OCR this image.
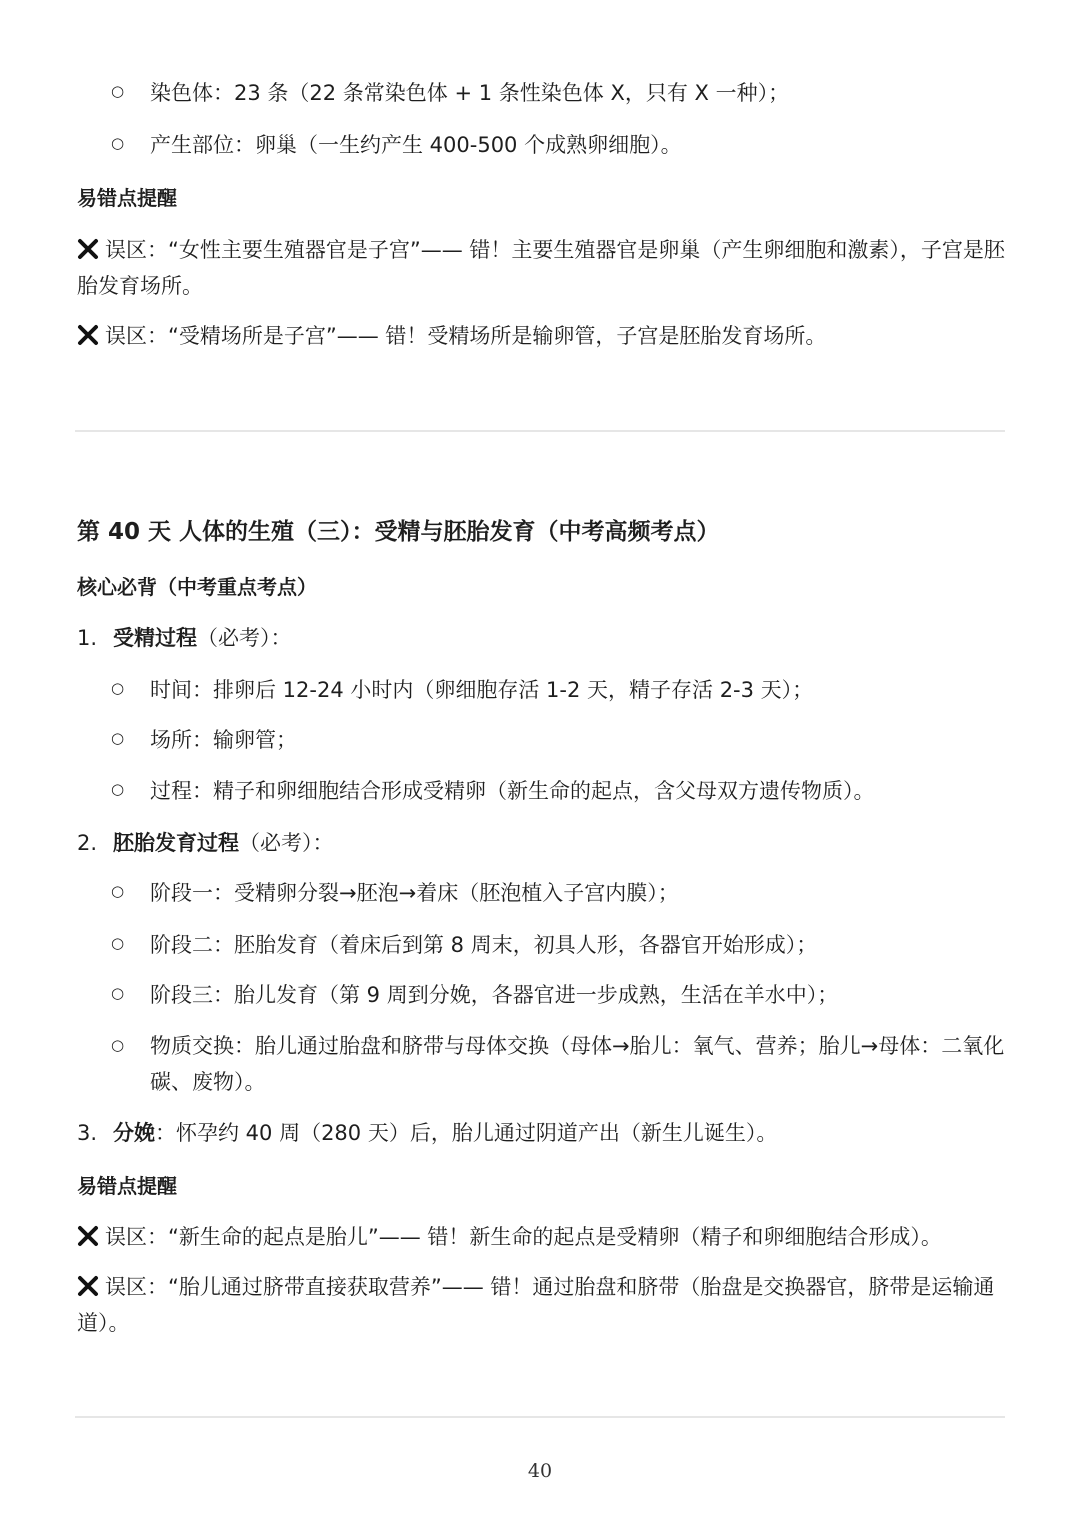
○ 染色体：23 条（22 条常染色体 + 1 条性染色体 X，只有 X 一种）；
○ 产生部位：卵巢（一生约产生 400-500 个成熟卵细胞）。
易错点提醒
误区：“女性主要生殖器官是子宫”—— 错！主要生殖器官是卵巢（产生卵细胞和激素），子宫是胚胎发育场所。
误区：“受精场所是子宫”—— 错！受精场所是输卵管，子宫是胚胎发育场所。
第 40 天 人体的生殖（三）：受精与胚胎发育（中考高频考点）
核心必背（中考重点考点）
1. 受精过程（必考）：
○ 时间：排卵后 12-24 小时内（卵细胞存活 1-2 天，精子存活 2-3 天）；
○ 场所：输卵管；
○ 过程：精子和卵细胞结合形成受精卵（新生命的起点，含父母双方遗传物质）。
2. 胚胎发育过程（必考）：
○ 阶段一：受精卵分裂→胚泡→着床（胚泡植入子宫内膜）；
○ 阶段二：胚胎发育（着床后到第 8 周末，初具人形，各器官开始形成）；
○ 阶段三：胎儿发育（第 9 周到分娩，各器官进一步成熟，生活在羊水中）；
○ 物质交换：胎儿通过胎盘和脐带与母体交换（母体→胎儿：氧气、营养；胎儿→母体：二氧化碳、废物）。
3. 分娩：怀孕约 40 周（280 天）后，胎儿通过阴道产出（新生儿诞生）。
易错点提醒
误区：“新生命的起点是胎儿”—— 错！新生命的起点是受精卵（精子和卵细胞结合形成）。
误区：“胎儿通过脐带直接获取营养”—— 错！通过胎盘和脐带（胎盘是交换器官，脐带是运输通道）。
40
